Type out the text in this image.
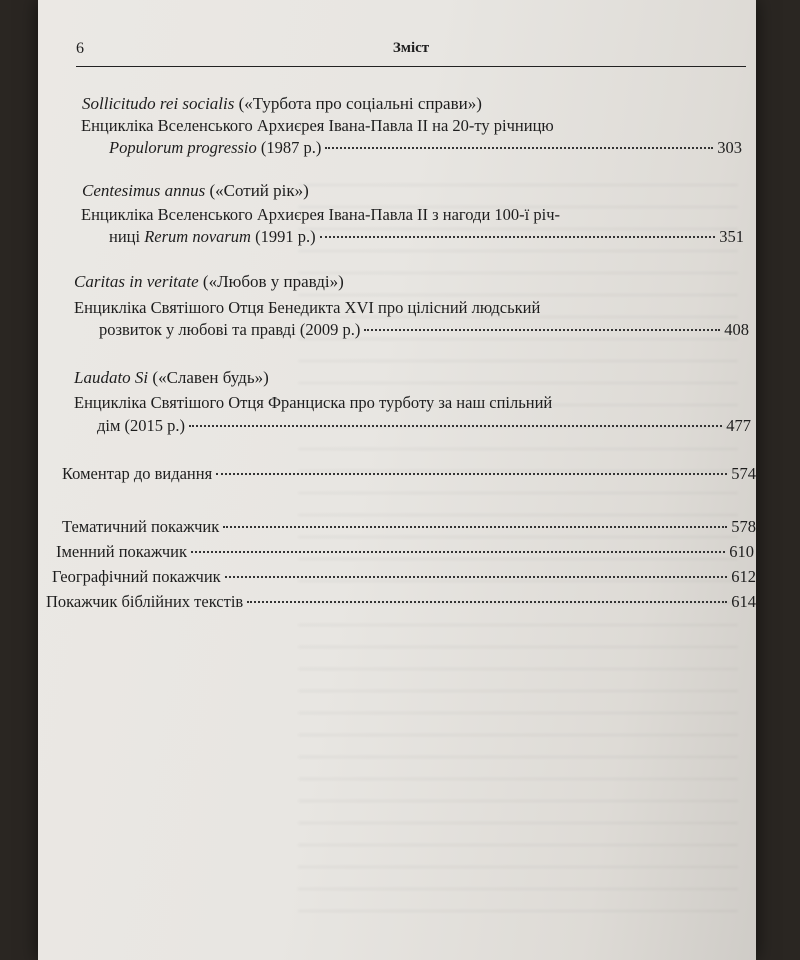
6	Зміст
Sollicitudo rei socialis («Турбота про соціальні справи»)
Енцикліка Вселенського Архиєрея Івана-Павла ІІ на 20-ту річницю
Populorum progressio (1987 р.)	303
Centesimus annus («Сотий рік»)
Енцикліка Вселенського Архиєрея Івана-Павла ІІ з нагоди 100-ї річ-
ниці Rerum novarum (1991 р.)	351
Caritas in veritate («Любов у правді»)
Енцикліка Святішого Отця Бенедикта XVI про цілісний людський
розвиток у любові та правді (2009 р.)	408
Laudato Si («Славен будь»)
Енцикліка Святішого Отця Франциска про турботу за наш спільний
дім (2015 р.)	477
Коментар до видання	574
Тематичний покажчик	578
Іменний покажчик	610
Географічний покажчик	612
Покажчик біблійних текстів	614
